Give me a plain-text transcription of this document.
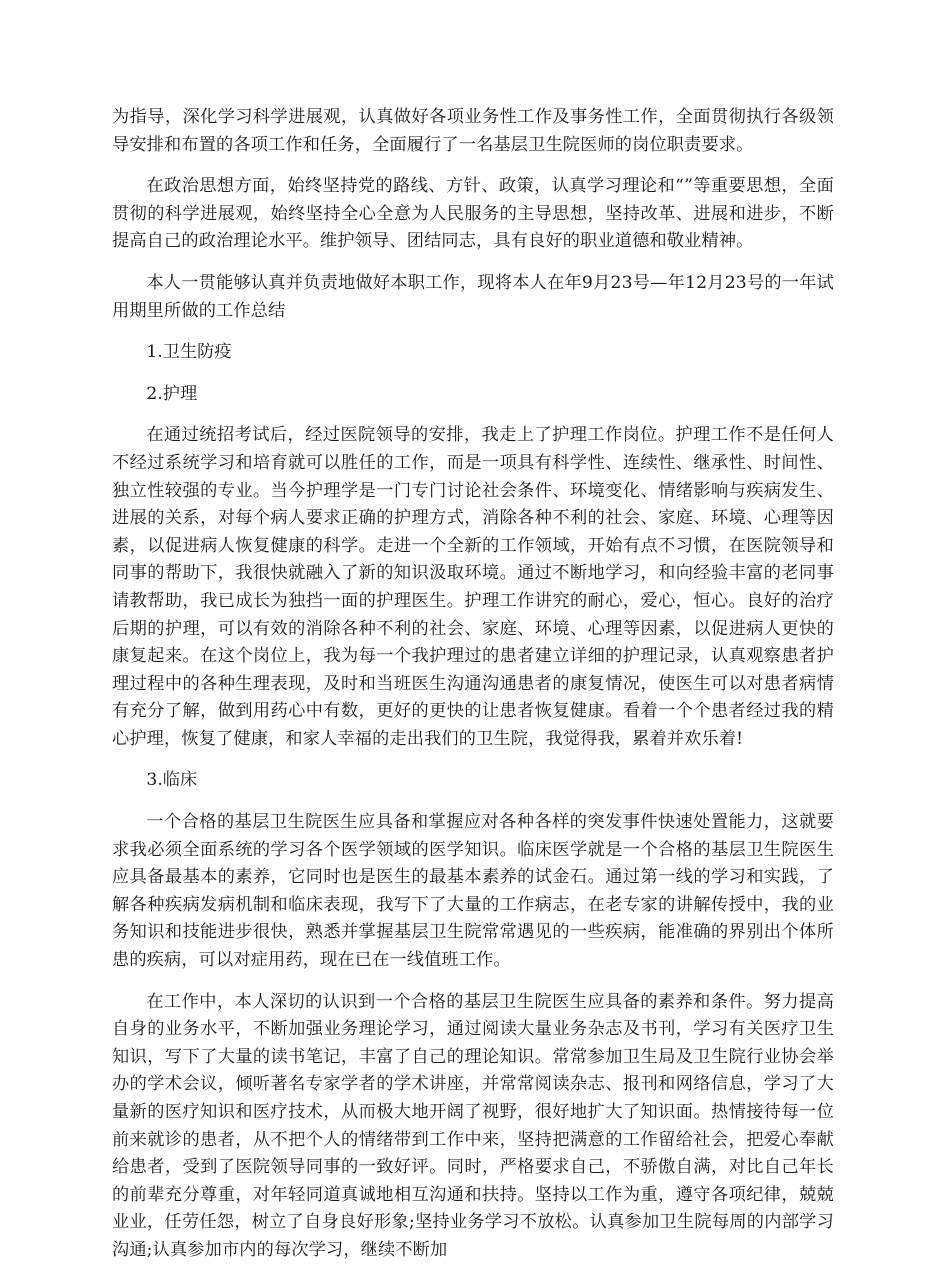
为指导，深化学习科学进展观，认真做好各项业务性工作及事务性工作，全面贯彻执行各级领导安排和布置的各项工作和任务，全面履行了一名基层卫生院医师的岗位职责要求。

在政治思想方面，始终坚持党的路线、方针、政策，认真学习理论和“”等重要思想，全面贯彻的科学进展观，始终坚持全心全意为人民服务的主导思想，坚持改革、进展和进步，不断提高自己的政治理论水平。维护领导、团结同志，具有良好的职业道德和敬业精神。

本人一贯能够认真并负责地做好本职工作，现将本人在年9月23号—年12月23号的一年试用期里所做的工作总结

1.卫生防疫

2.护理

在通过统招考试后，经过医院领导的安排，我走上了护理工作岗位。护理工作不是任何人不经过系统学习和培育就可以胜任的工作，而是一项具有科学性、连续性、继承性、时间性、独立性较强的专业。当今护理学是一门专门讨论社会条件、环境变化、情绪影响与疾病发生、进展的关系，对每个病人要求正确的护理方式，消除各种不利的社会、家庭、环境、心理等因素，以促进病人恢复健康的科学。走进一个全新的工作领域，开始有点不习惯，在医院领导和同事的帮助下，我很快就融入了新的知识汲取环境。通过不断地学习，和向经验丰富的老同事请教帮助，我已成长为独挡一面的护理医生。护理工作讲究的耐心，爱心，恒心。良好的治疗后期的护理，可以有效的消除各种不利的社会、家庭、环境、心理等因素，以促进病人更快的康复起来。在这个岗位上，我为每一个我护理过的患者建立详细的护理记录，认真观察患者护理过程中的各种生理表现，及时和当班医生沟通沟通患者的康复情况，使医生可以对患者病情有充分了解，做到用药心中有数，更好的更快的让患者恢复健康。看着一个个患者经过我的精心护理，恢复了健康，和家人幸福的走出我们的卫生院，我觉得我，累着并欢乐着!

3.临床

一个合格的基层卫生院医生应具备和掌握应对各种各样的突发事件快速处置能力，这就要求我必须全面系统的学习各个医学领域的医学知识。临床医学就是一个合格的基层卫生院医生应具备最基本的素养，它同时也是医生的最基本素养的试金石。通过第一线的学习和实践，了解各种疾病发病机制和临床表现，我写下了大量的工作病志，在老专家的讲解传授中，我的业务知识和技能进步很快，熟悉并掌握基层卫生院常常遇见的一些疾病，能准确的界别出个体所患的疾病，可以对症用药，现在已在一线值班工作。

在工作中，本人深切的认识到一个合格的基层卫生院医生应具备的素养和条件。努力提高自身的业务水平，不断加强业务理论学习，通过阅读大量业务杂志及书刊，学习有关医疗卫生知识，写下了大量的读书笔记，丰富了自己的理论知识。常常参加卫生局及卫生院行业协会举办的学术会议，倾听著名专家学者的学术讲座，并常常阅读杂志、报刊和网络信息，学习了大量新的医疗知识和医疗技术，从而极大地开阔了视野，很好地扩大了知识面。热情接待每一位前来就诊的患者，从不把个人的情绪带到工作中来，坚持把满意的工作留给社会，把爱心奉献给患者，受到了医院领导同事的一致好评。同时，严格要求自己，不骄傲自满，对比自己年长的前辈充分尊重，对年轻同道真诚地相互沟通和扶持。坚持以工作为重，遵守各项纪律，兢兢业业，任劳任怨，树立了自身良好形象;坚持业务学习不放松。认真参加卫生院每周的内部学习沟通;认真参加市内的每次学习，继续不断加
